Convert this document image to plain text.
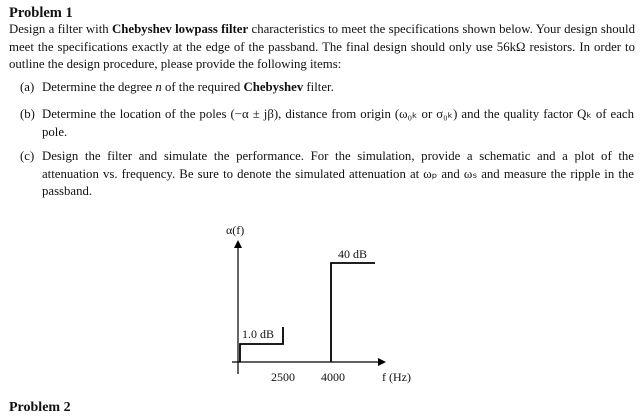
Problem 1
Design a filter with Chebyshev lowpass filter characteristics to meet the specifications shown below. Your design should meet the specifications exactly at the edge of the passband. The final design should only use 56kΩ resistors. In order to outline the design procedure, please provide the following items:
(a) Determine the degree n of the required Chebyshev filter.
(b) Determine the location of the poles (−α ± jβ), distance from origin (ω₀ₖ or σ₀ₖ) and the quality factor Qₖ of each pole.
(c) Design the filter and simulate the performance. For the simulation, provide a schematic and a plot of the attenuation vs. frequency. Be sure to denote the simulated attenuation at ωₚ and ωₛ and measure the ripple in the passband.
α(f)
40 dB
1.0 dB
2500 4000	f (Hz)
Problem 2
